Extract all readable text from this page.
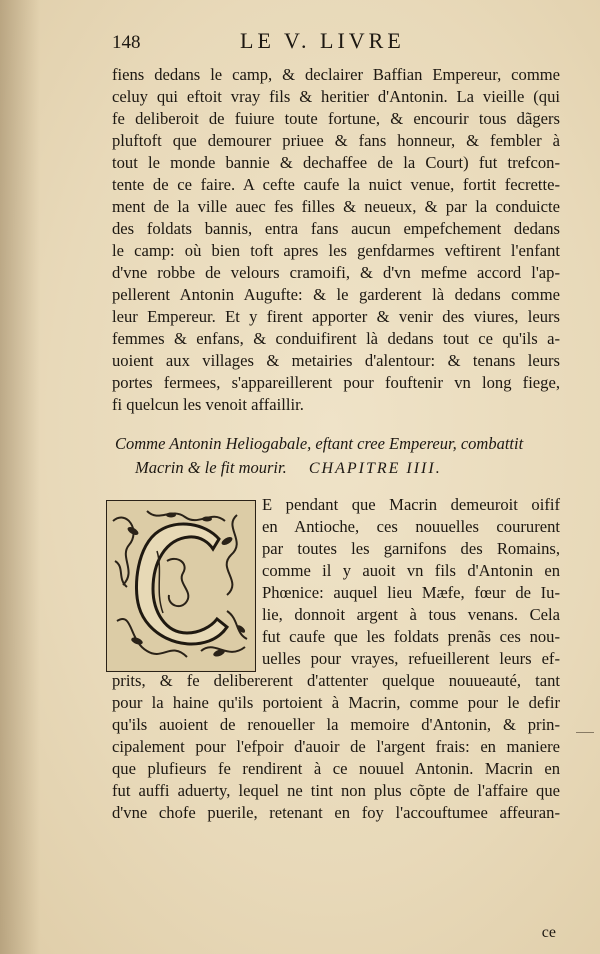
148	LE V. LIVRE
fiens dedans le camp, & declairer Baffian Empereur, comme
celuy qui eftoit vray fils & heritier d'Antonin. La vieille (qui
fe deliberoit de fuiure toute fortune, & encourir tous dãgers
pluftoft que demourer priuee & fans honneur, & fembler à
tout le monde bannie & dechaffee de la Court) fut trefcon-
tente de ce faire. A cefte caufe la nuict venue, fortit fecrette-
ment de la ville auec fes filles & neueux, & par la conduicte
des foldats bannis, entra fans aucun empefchement dedans
le camp: où bien toft apres les genfdarmes veftirent l'enfant
d'vne robbe de velours cramoifi, & d'vn mefme accord l'ap-
pellerent Antonin Augufte: & le garderent là dedans comme
leur Empereur. Et y firent apporter & venir des viures, leurs
femmes & enfans, & conduifirent là dedans tout ce qu'ils a-
uoient aux villages & metairies d'alentour: & tenans leurs
portes fermees, s'appareillerent pour fouftenir vn long fiege,
fi quelcun les venoit affaillir.
Comme Antonin Heliogabale, eftant cree Empereur, combattit
Macrin & le fit mourir. CHAPITRE IIII.
E pendant que Macrin demeuroit oifif
en Antioche, ces nouuelles coururent
par toutes les garnifons des Romains,
comme il y auoit vn fils d'Antonin en
Phœnice: auquel lieu Mæfe, fœur de Iu-
lie, donnoit argent à tous venans. Cela
fut caufe que les foldats prenãs ces nou-
uelles pour vrayes, refueillerent leurs ef-
prits, & fe delibererent d'attenter quelque nouueauté, tant
pour la haine qu'ils portoient à Macrin, comme pour le defir
qu'ils auoient de renoueller la memoire d'Antonin, & prin-
cipalement pour l'efpoir d'auoir de l'argent frais: en maniere
que plufieurs fe rendirent à ce nouuel Antonin. Macrin en
fut auffi aduerty, lequel ne tint non plus cõpte de l'affaire que
d'vne chofe puerile, retenant en foy l'accouftumee affeuran-
ce
